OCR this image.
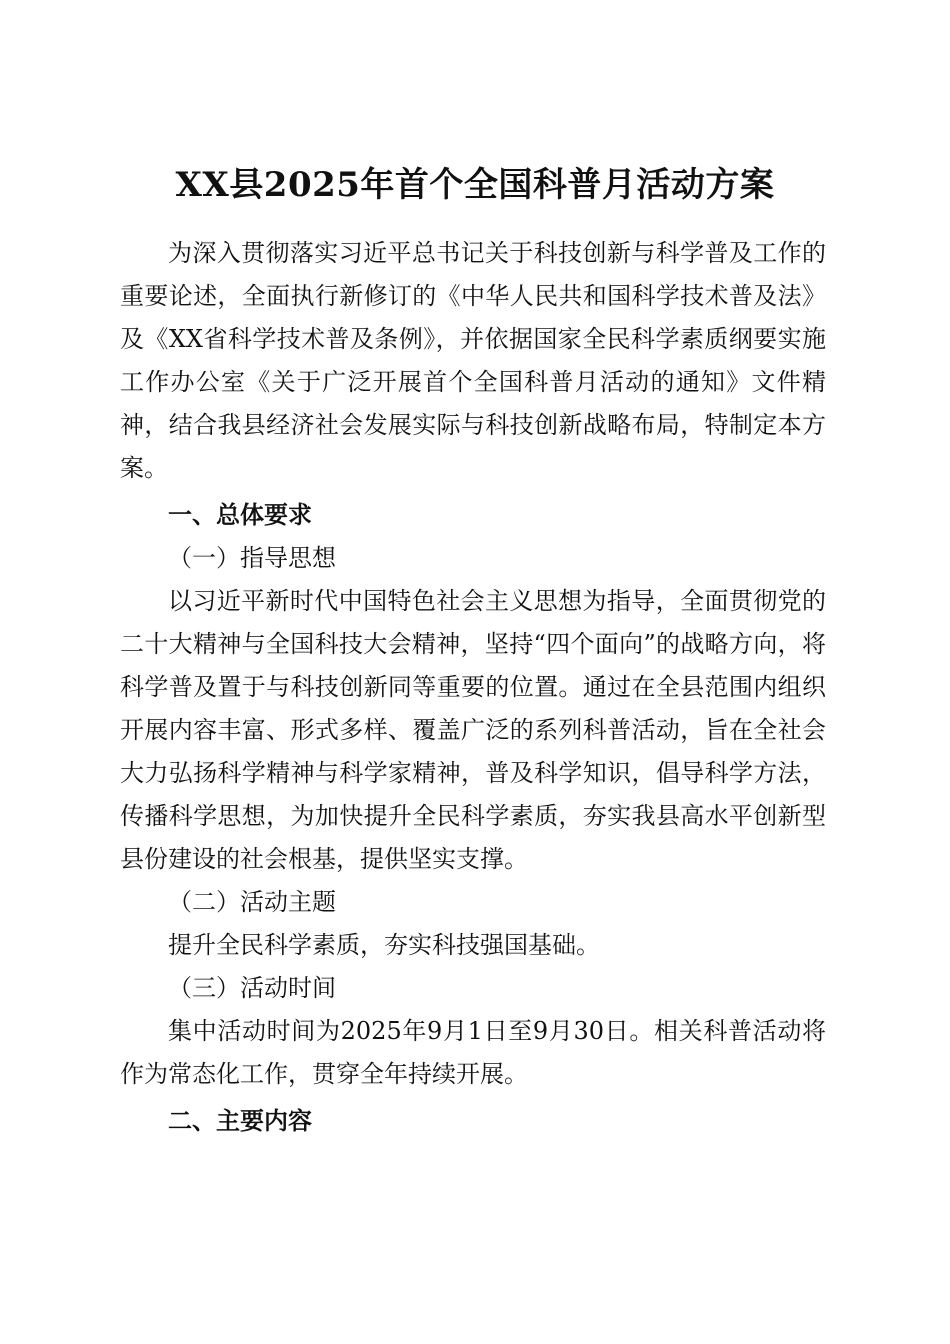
XX县2025年首个全国科普月活动方案

为深入贯彻落实习近平总书记关于科技创新与科学普及工作的重要论述，全面执行新修订的《中华人民共和国科学技术普及法》及《XX省科学技术普及条例》，并依据国家全民科学素质纲要实施工作办公室《关于广泛开展首个全国科普月活动的通知》文件精神，结合我县经济社会发展实际与科技创新战略布局，特制定本方案。

一、总体要求

（一）指导思想

以习近平新时代中国特色社会主义思想为指导，全面贯彻党的二十大精神与全国科技大会精神，坚持“四个面向”的战略方向，将科学普及置于与科技创新同等重要的位置。通过在全县范围内组织开展内容丰富、形式多样、覆盖广泛的系列科普活动，旨在全社会大力弘扬科学精神与科学家精神，普及科学知识，倡导科学方法，传播科学思想，为加快提升全民科学素质，夯实我县高水平创新型县份建设的社会根基，提供坚实支撑。

（二）活动主题

提升全民科学素质，夯实科技强国基础。

（三）活动时间

集中活动时间为2025年9月1日至9月30日。相关科普活动将作为常态化工作，贯穿全年持续开展。

二、主要内容
